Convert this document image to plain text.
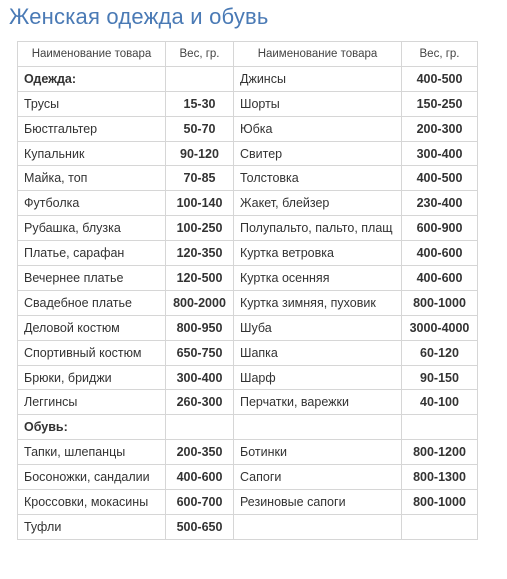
Женская одежда и обувь
Наименование товара	Вес, гр.	Наименование товара	Вес, гр.
Одежда:		Джинсы	400-500
Трусы	15-30	Шорты	150-250
Бюстгальтер	50-70	Юбка	200-300
Купальник	90-120	Свитер	300-400
Майка, топ	70-85	Толстовка	400-500
Футболка	100-140	Жакет, блейзер	230-400
Рубашка, блузка	100-250	Полупальто, пальто, плащ	600-900
Платье, сарафан	120-350	Куртка ветровка	400-600
Вечернее платье	120-500	Куртка осенняя	400-600
Свадебное платье	800-2000	Куртка зимняя, пуховик	800-1000
Деловой костюм	800-950	Шуба	3000-4000
Спортивный костюм	650-750	Шапка	60-120
Брюки, бриджи	300-400	Шарф	90-150
Леггинсы	260-300	Перчатки, варежки	40-100
Обувь:			
Тапки, шлепанцы	200-350	Ботинки	800-1200
Босоножки, сандалии	400-600	Сапоги	800-1300
Кроссовки, мокасины	600-700	Резиновые сапоги	800-1000
Туфли	500-650		
